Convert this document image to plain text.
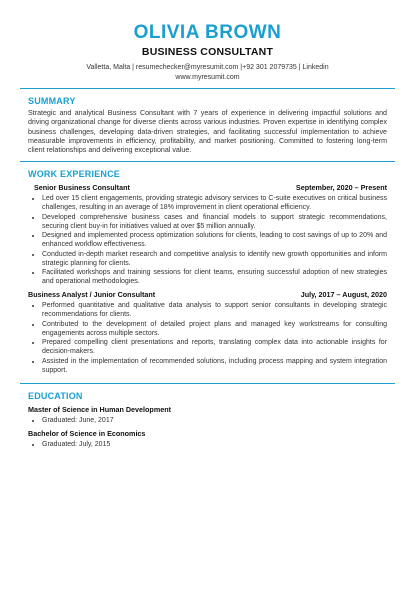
OLIVIA BROWN
BUSINESS CONSULTANT
Valletta, Malta | resumechecker@myresumit.com |+92 301 2079735 | Linkedin
www.myresumit.com
SUMMARY
Strategic and analytical Business Consultant with 7 years of experience in delivering impactful solutions and driving organizational change for diverse clients across various industries. Proven expertise in identifying complex business challenges, developing data-driven strategies, and facilitating successful implementation to achieve measurable improvements in efficiency, profitability, and market positioning. Committed to fostering long-term client relationships and delivering exceptional value.
WORK EXPERIENCE
Senior Business Consultant	September, 2020 – Present
• Led over 15 client engagements, providing strategic advisory services to C-suite executives on critical business challenges, resulting in an average of 18% improvement in client operational efficiency.
• Developed comprehensive business cases and financial models to support strategic recommendations, securing client buy-in for initiatives valued at over $5 million annually.
• Designed and implemented process optimization solutions for clients, leading to cost savings of up to 20% and enhanced workflow effectiveness.
• Conducted in-depth market research and competitive analysis to identify new growth opportunities and inform strategic planning for clients.
• Facilitated workshops and training sessions for client teams, ensuring successful adoption of new strategies and operational methodologies.
Business Analyst / Junior Consultant	July, 2017 – August, 2020
• Performed quantitative and qualitative data analysis to support senior consultants in developing strategic recommendations for clients.
• Contributed to the development of detailed project plans and managed key workstreams for consulting engagements across multiple sectors.
• Prepared compelling client presentations and reports, translating complex data into actionable insights for decision-makers.
• Assisted in the implementation of recommended solutions, including process mapping and system integration support.
EDUCATION
Master of Science in Human Development
• Graduated: June, 2017
Bachelor of Science in Economics
• Graduated: July, 2015
